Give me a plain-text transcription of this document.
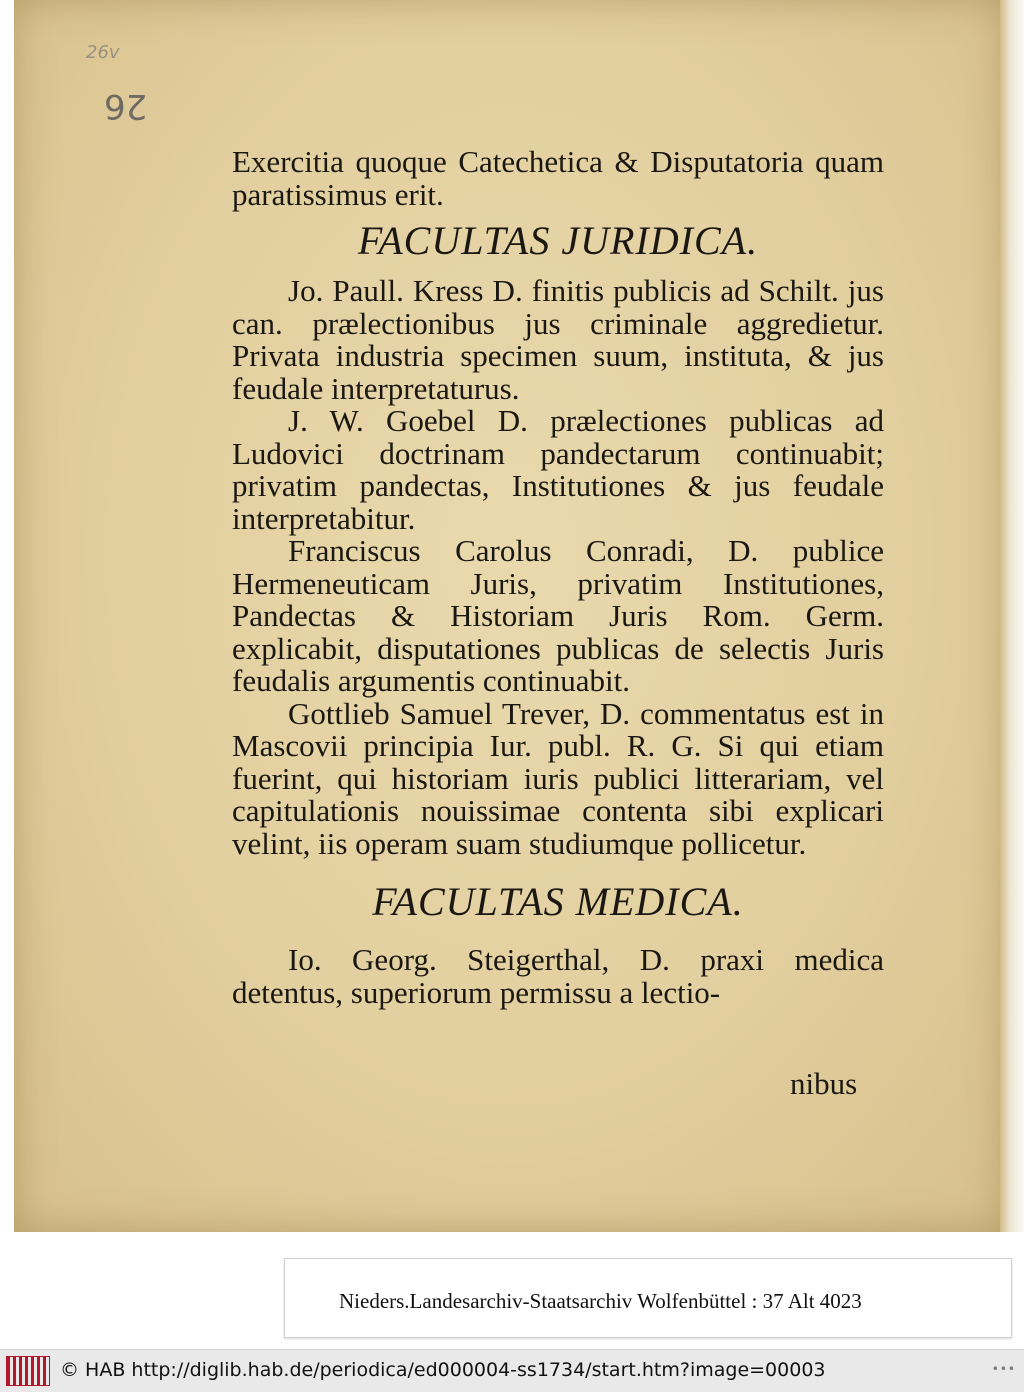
26v
26

Exercitia quoque Catechetica & Disputatoria quam paratissimus erit.

FACULTAS JURIDICA.

Jo. Paull. Kress D. finitis publicis ad Schilt. jus can. prælectionibus jus criminale aggredietur. Privata industria specimen suum, instituta, & jus feudale interpretaturus.

J. W. Goebel D. prælectiones publicas ad Ludovici doctrinam pandectarum continuabit; privatim pandectas, Institutiones & jus feudale interpretabitur.

Franciscus Carolus Conradi, D. publice Hermeneuticam Juris, privatim Institutiones, Pandectas & Historiam Juris Rom. Germ. explicabit, disputationes publicas de selectis Juris feudalis argumentis continuabit.

Gottlieb Samuel Trever, D. commentatus est in Mascovii principia Iur. publ. R. G. Si qui etiam fuerint, qui historiam iuris publici litterariam, vel capitulationis nouissimae contenta sibi explicari velint, iis operam suam studiumque pollicetur.

FACULTAS MEDICA.

Io. Georg. Steigerthal, D. praxi medica detentus, superiorum permissu a lectio-

nibus
Nieders.Landesarchiv-Staatsarchiv Wolfenbüttel : 37 Alt 4023
© HAB http://diglib.hab.de/periodica/ed000004-ss1734/start.htm?image=00003	•••
